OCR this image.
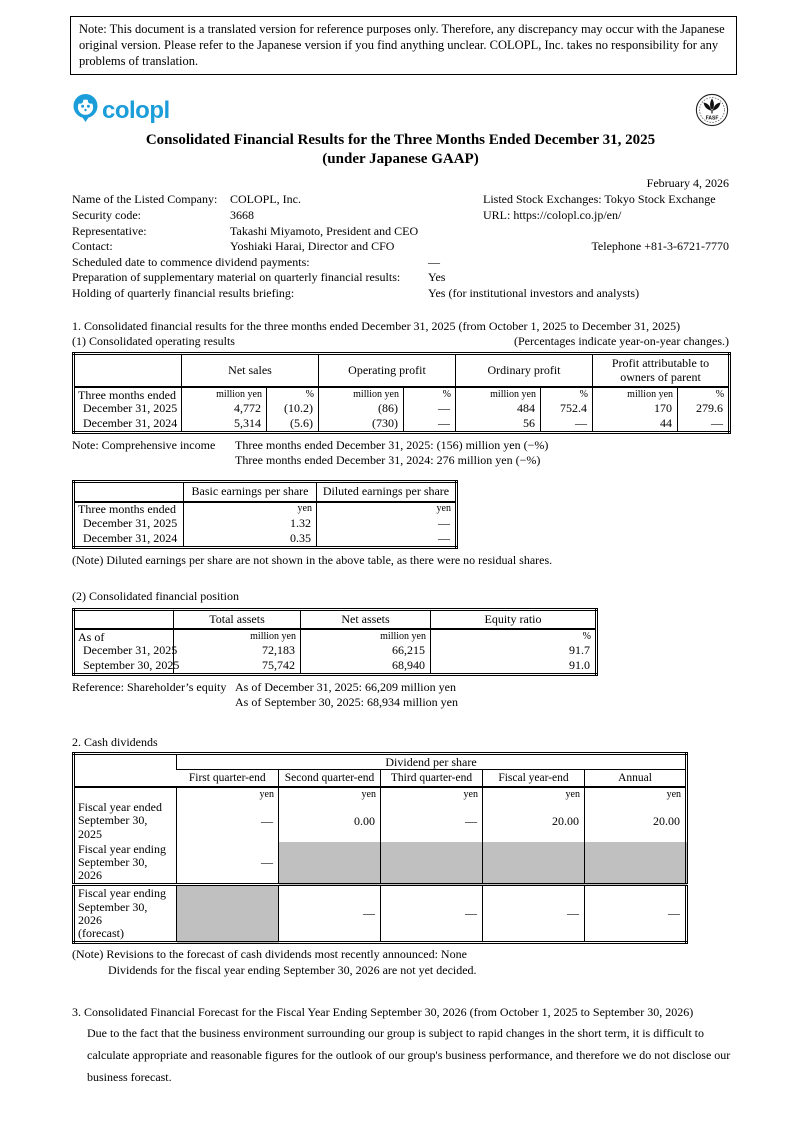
Note: This document is a translated version for reference purposes only. Therefore, any discrepancy may occur with the Japanese original version. Please refer to the Japanese version if you find anything unclear. COLOPL, Inc. takes no responsibility for any problems of translation.
colopl	FASF
Consolidated Financial Results for the Three Months Ended December 31, 2025
(under Japanese GAAP)
February 4, 2026
Name of the Listed Company:	COLOPL, Inc.	Listed Stock Exchanges: Tokyo Stock Exchange
Security code:	3668	URL: https://colopl.co.jp/en/
Representative:	Takashi Miyamoto, President and CEO
Contact:	Yoshiaki Harai, Director and CFO	Telephone +81-3-6721-7770
Scheduled date to commence dividend payments:	―
Preparation of supplementary material on quarterly financial results:	Yes
Holding of quarterly financial results briefing:	Yes (for institutional investors and analysts)
1. Consolidated financial results for the three months ended December 31, 2025 (from October 1, 2025 to December 31, 2025)
(1) Consolidated operating results	(Percentages indicate year-on-year changes.)
	Net sales		Operating profit		Ordinary profit		Profit attributable to owners of parent	
Three months ended	million yen	%	million yen	%	million yen	%	million yen	%
December 31, 2025	4,772	(10.2)	(86)	―	484	752.4	170	279.6
December 31, 2024	5,314	(5.6)	(730)	―	56	―	44	―
Note: Comprehensive income	Three months ended December 31, 2025: (156) million yen (−%)
Three months ended December 31, 2024: 276 million yen (−%)
	Basic earnings per share	Diluted earnings per share
Three months ended	yen	yen
December 31, 2025	1.32	―
December 31, 2024	0.35	―
(Note) Diluted earnings per share are not shown in the above table, as there were no residual shares.
(2) Consolidated financial position
	Total assets	Net assets	Equity ratio
As of	million yen	million yen	%
December 31, 2025	72,183	66,215	91.7
September 30, 2025	75,742	68,940	91.0
Reference: Shareholder’s equity As of December 31, 2025: 66,209 million yen
As of September 30, 2025: 68,934 million yen
2. Cash dividends
	Dividend per share				
	First quarter-end	Second quarter-end	Third quarter-end	Fiscal year-end	Annual
	yen	yen	yen	yen	yen

Fiscal year ended
September 30, 2025	―	0.00	―	20.00	20.00

Fiscal year ending
September 30, 2026	―				

Fiscal year ending
September 30, 2026
(forecast)		―	―	―	―
(Note) Revisions to the forecast of cash dividends most recently announced: None
Dividends for the fiscal year ending September 30, 2026 are not yet decided.
3. Consolidated Financial Forecast for the Fiscal Year Ending September 30, 2026 (from October 1, 2025 to September 30, 2026)
Due to the fact that the business environment surrounding our group is subject to rapid changes in the short term, it is difficult to calculate appropriate and reasonable figures for the outlook of our group's business performance, and therefore we do not disclose our business forecast.
